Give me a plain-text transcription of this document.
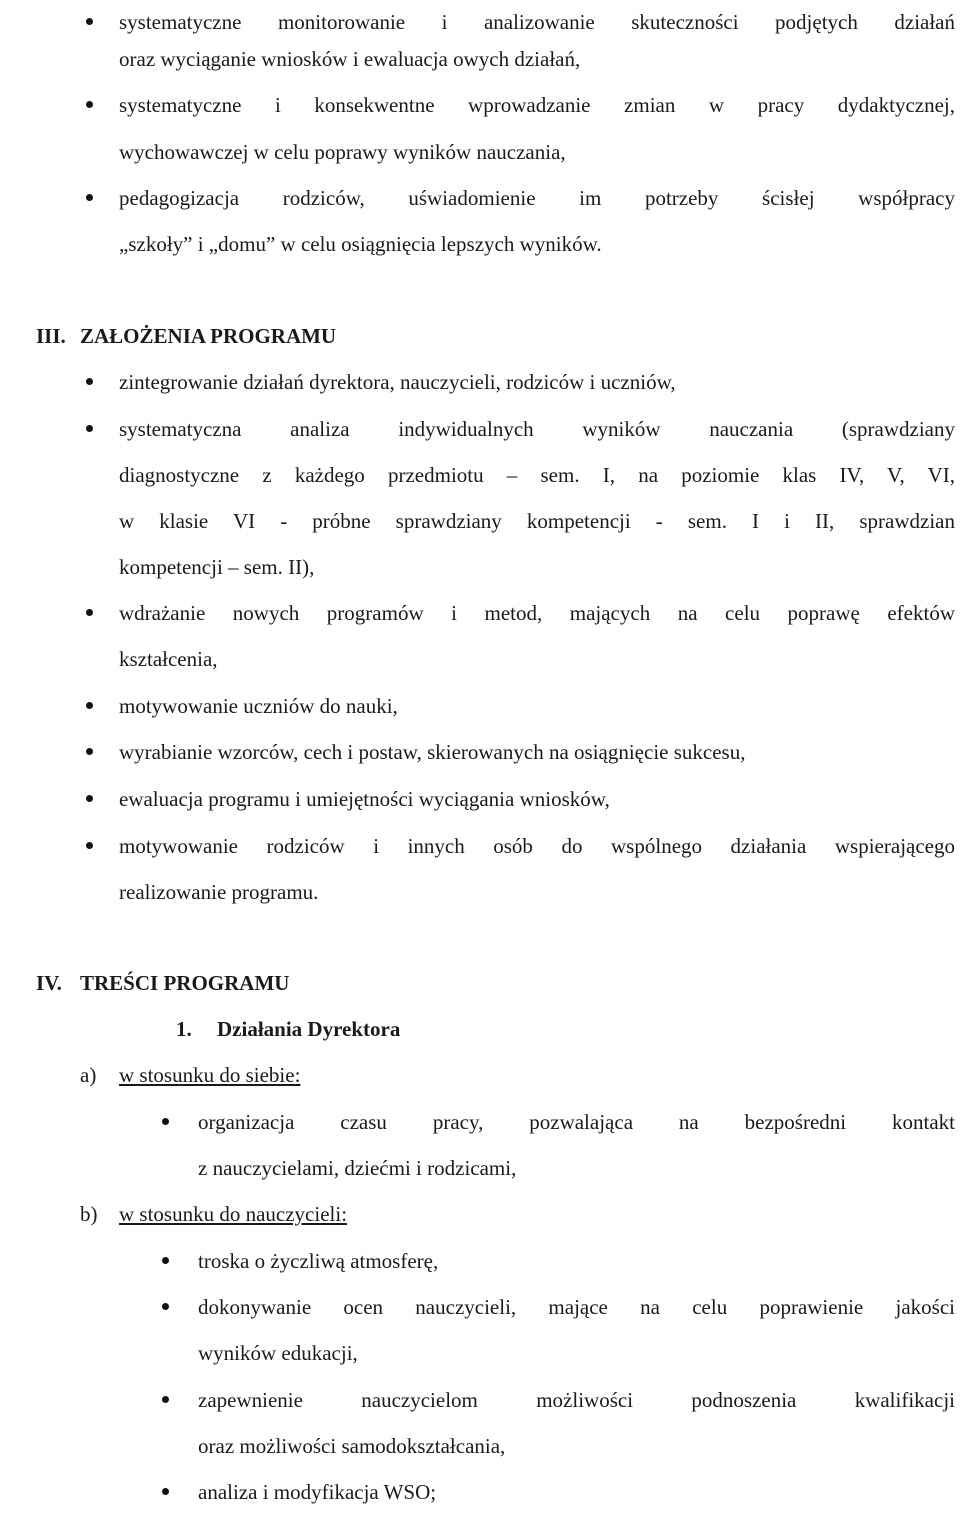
systematyczne monitorowanie i analizowanie skuteczności podjętych działań
oraz wyciąganie wniosków i ewaluacja owych działań,
systematyczne i konsekwentne wprowadzanie zmian w pracy dydaktycznej,
wychowawczej w celu poprawy wyników nauczania,
pedagogizacja rodziców, uświadomienie im potrzeby ścisłej współpracy
„szkoły” i „domu” w celu osiągnięcia lepszych wyników.
III. ZAŁOŻENIA PROGRAMU
zintegrowanie działań dyrektora, nauczycieli, rodziców i uczniów,
systematyczna analiza indywidualnych wyników nauczania (sprawdziany
diagnostyczne z każdego przedmiotu – sem. I, na poziomie klas IV, V, VI,
w klasie VI - próbne sprawdziany kompetencji - sem. I i II, sprawdzian
kompetencji – sem. II),
wdrażanie nowych programów i metod, mających na celu poprawę efektów
kształcenia,
motywowanie uczniów do nauki,
wyrabianie wzorców, cech i postaw, skierowanych na osiągnięcie sukcesu,
ewaluacja programu i umiejętności wyciągania wniosków,
motywowanie rodziców i innych osób do wspólnego działania wspierającego
realizowanie programu.
IV. TREŚCI PROGRAMU
1. Działania Dyrektora
a) w stosunku do siebie:
organizacja czasu pracy, pozwalająca na bezpośredni kontakt
z nauczycielami, dziećmi i rodzicami,
b) w stosunku do nauczycieli:
troska o życzliwą atmosferę,
dokonywanie ocen nauczycieli, mające na celu poprawienie jakości
wyników edukacji,
zapewnienie nauczycielom możliwości podnoszenia kwalifikacji
oraz możliwości samodokształcania,
analiza i modyfikacja WSO;
